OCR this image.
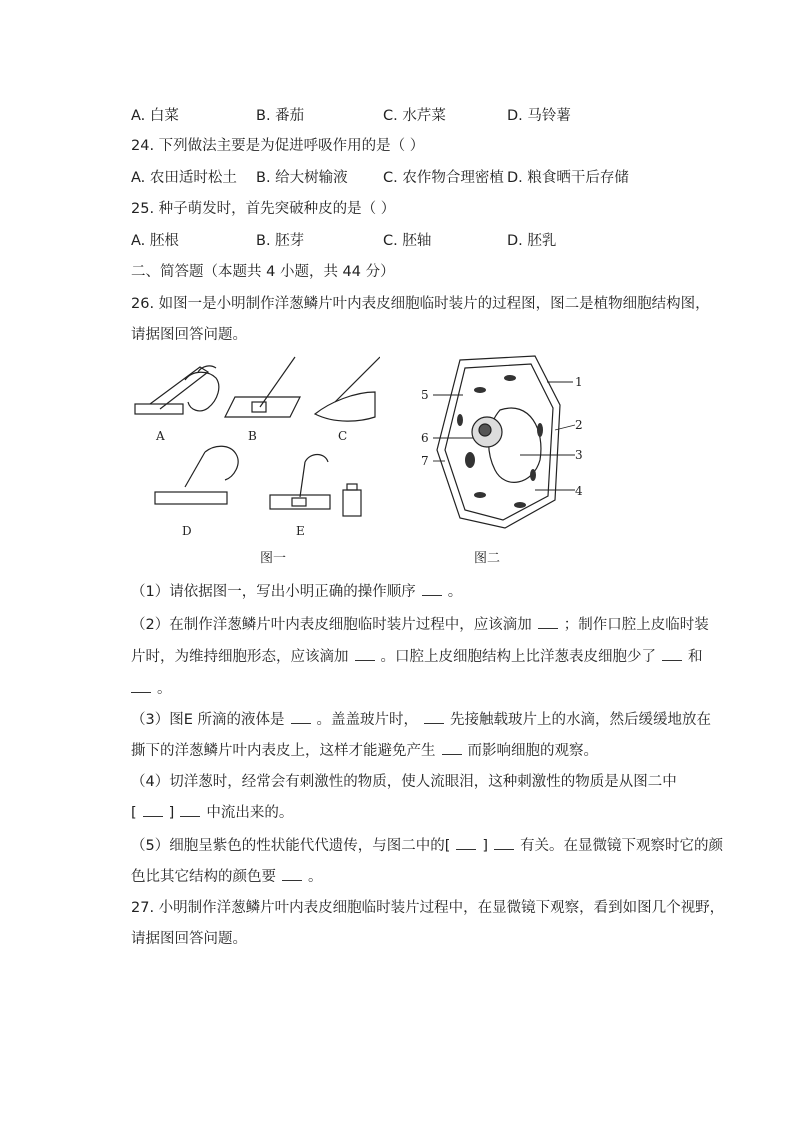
A. 白菜	B. 番茄	C. 水芹菜	D. 马铃薯
24. 下列做法主要是为促进呼吸作用的是（ ）
A. 农田适时松土 B. 给大树输液 C. 农作物合理密植 D. 粮食晒干后存储
25. 种子萌发时，首先突破种皮的是（ ）
A. 胚根	B. 胚芽	C. 胚轴	D. 胚乳
二、简答题（本题共 4 小题，共 44 分）
26. 如图一是小明制作洋葱鳞片叶内表皮细胞临时装片的过程图，图二是植物细胞结构图，
请据图回答问题。
A	B	C
D	E
图一
1
2
3
4
5
6
7
图二
（1）请依据图一，写出小明正确的操作顺序 。
（2）在制作洋葱鳞片叶内表皮细胞临时装片过程中，应该滴加 ；制作口腔上皮临时装
片时，为维持细胞形态，应该滴加 。口腔上皮细胞结构上比洋葱表皮细胞少了 和
。
（3）图E 所滴的液体是 。盖盖玻片时， 先接触载玻片上的水滴，然后缓缓地放在
撕下的洋葱鳞片叶内表皮上，这样才能避免产生 而影响细胞的观察。
（4）切洋葱时，经常会有刺激性的物质，使人流眼泪，这种刺激性的物质是从图二中
[ ] 中流出来的。
（5）细胞呈紫色的性状能代代遗传，与图二中的[ ] 有关。在显微镜下观察时它的颜
色比其它结构的颜色要 。
27. 小明制作洋葱鳞片叶内表皮细胞临时装片过程中，在显微镜下观察，看到如图几个视野，
请据图回答问题。
